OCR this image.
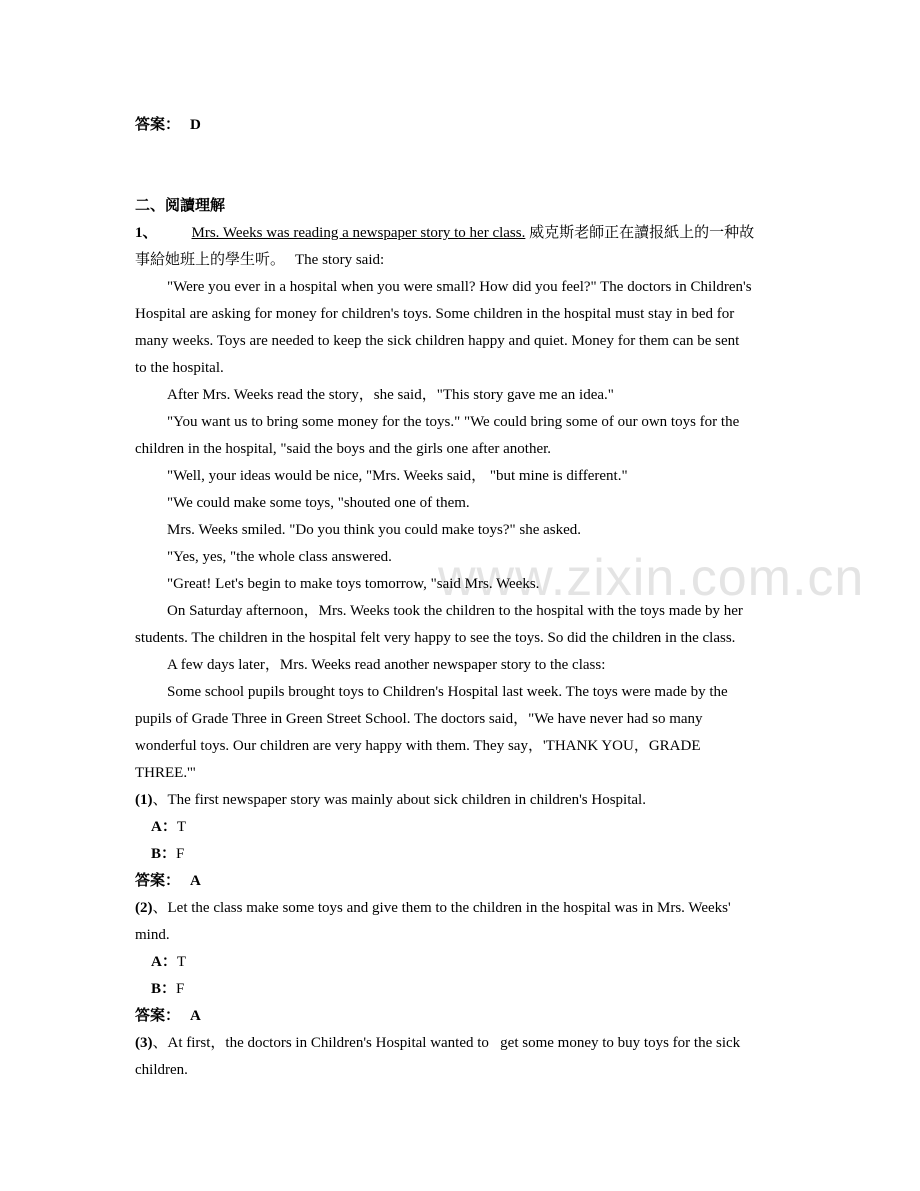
www.zixin.com.cn
答案： D
二、阅讀理解
1、 Mrs. Weeks was reading a newspaper story to her class. 威克斯老師正在讀报紙上的一种故
事給她班上的學生听。 The story said:
"Were you ever in a hospital when you were small? How did you feel?" The doctors in Children's
Hospital are asking for money for children's toys. Some children in the hospital must stay in bed for
many weeks. Toys are needed to keep the sick children happy and quiet. Money for them can be sent
to the hospital.
After Mrs. Weeks read the story，she said，"This story gave me an idea."
"You want us to bring some money for the toys." "We could bring some of our own toys for the
children in the hospital, "said the boys and the girls one after another.
"Well, your ideas would be nice, "Mrs. Weeks said， "but mine is different."
"We could make some toys, "shouted one of them.
Mrs. Weeks smiled. "Do you think you could make toys?" she asked.
"Yes, yes, "the whole class answered.
"Great! Let's begin to make toys tomorrow, "said Mrs. Weeks.
On Saturday afternoon，Mrs. Weeks took the children to the hospital with the toys made by her
students. The children in the hospital felt very happy to see the toys. So did the children in the class.
A few days later，Mrs. Weeks read another newspaper story to the class:
Some school pupils brought toys to Children's Hospital last week. The toys were made by the
pupils of Grade Three in Green Street School. The doctors said，"We have never had so many
wonderful toys. Our children are very happy with them. They say，'THANK YOU，GRADE
THREE.'"
(1)、The first newspaper story was mainly about sick children in children's Hospital.
A：T
B：F
答案： A
(2)、Let the class make some toys and give them to the children in the hospital was in Mrs. Weeks'
mind.
A：T
B：F
答案： A
(3)、At first，the doctors in Children's Hospital wanted to   get some money to buy toys for the sick
children.
